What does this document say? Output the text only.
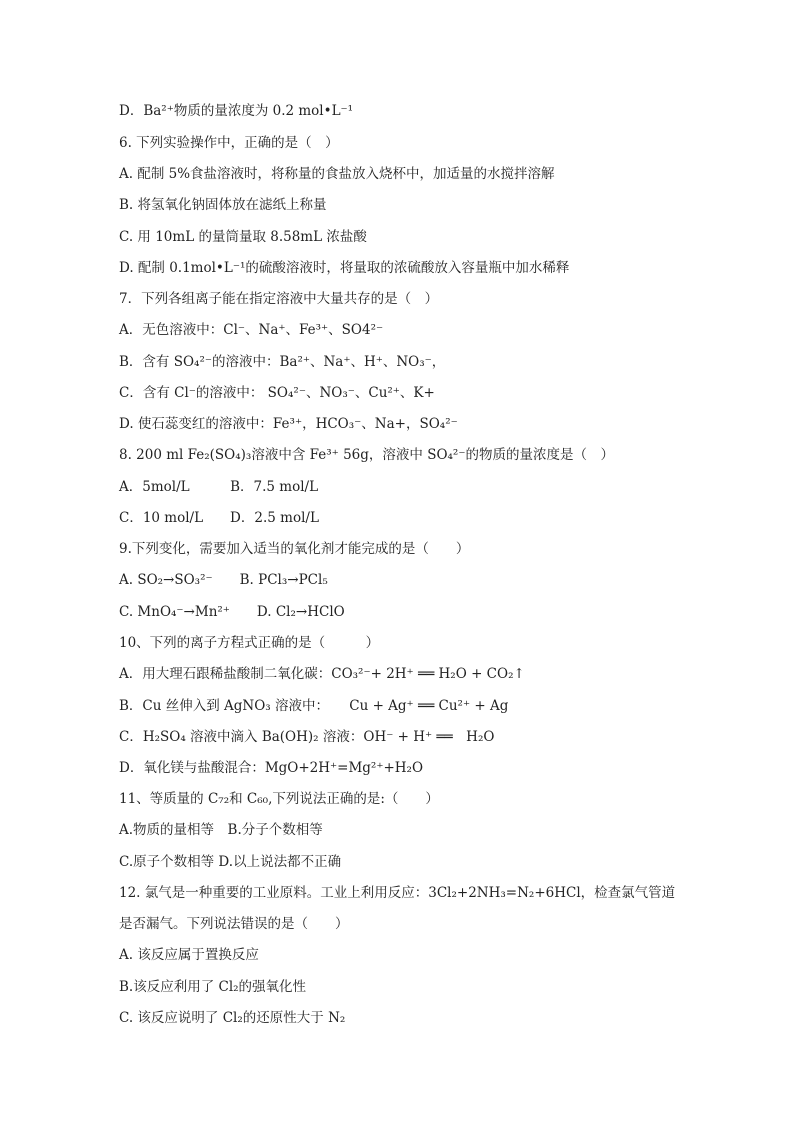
D．Ba²⁺物质的量浓度为 0.2 mol•L⁻¹
6. 下列实验操作中，正确的是（　）
A. 配制 5%食盐溶液时，将称量的食盐放入烧杯中，加适量的水搅拌溶解
B. 将氢氧化钠固体放在滤纸上称量
C. 用 10mL 的量筒量取 8.58mL 浓盐酸
D. 配制 0.1mol•L⁻¹的硫酸溶液时，将量取的浓硫酸放入容量瓶中加水稀释
7．下列各组离子能在指定溶液中大量共存的是（　）
A．无色溶液中：Cl⁻、Na⁺、Fe³⁺、SO4²⁻
B．含有 SO₄²⁻的溶液中：Ba²⁺、Na⁺、H⁺、NO₃⁻，
C．含有 Cl⁻的溶液中： SO₄²⁻、NO₃⁻、Cu²⁺、K+
D. 使石蕊变红的溶液中：Fe³⁺，HCO₃⁻、Na+，SO₄²⁻
8. 200 ml Fe₂(SO₄)₃溶液中含 Fe³⁺ 56g，溶液中 SO₄²⁻的物质的量浓度是（　）
A．5mol/L　　　B．7.5 mol/L
C．10 mol/L　　D．2.5 mol/L
9.下列变化，需要加入适当的氧化剂才能完成的是（　　）
A. SO₂→SO₃²⁻　　B. PCl₃→PCl₅
C. MnO₄⁻→Mn²⁺　　D. Cl₂→HClO
10、下列的离子方程式正确的是（　　　）
A．用大理石跟稀盐酸制二氧化碳：CO₃²⁻+ 2H⁺ ══ H₂O + CO₂↑
B．Cu 丝伸入到 AgNO₃ 溶液中：　　Cu + Ag⁺ ══ Cu²⁺ + Ag
C．H₂SO₄ 溶液中滴入 Ba(OH)₂ 溶液：OH⁻ + H⁺ ══　H₂O
D．氧化镁与盐酸混合：MgO+2H⁺=Mg²⁺+H₂O
11、等质量的 C₇₂和 C₆₀,下列说法正确的是:（　　）
A.物质的量相等　B.分子个数相等
C.原子个数相等 D.以上说法都不正确
12. 氯气是一种重要的工业原料。工业上利用反应：3Cl₂+2NH₃=N₂+6HCl，检查氯气管道
是否漏气。下列说法错误的是（　　）
A. 该反应属于置换反应
B.该反应利用了 Cl₂的强氧化性
C. 该反应说明了 Cl₂的还原性大于 N₂
